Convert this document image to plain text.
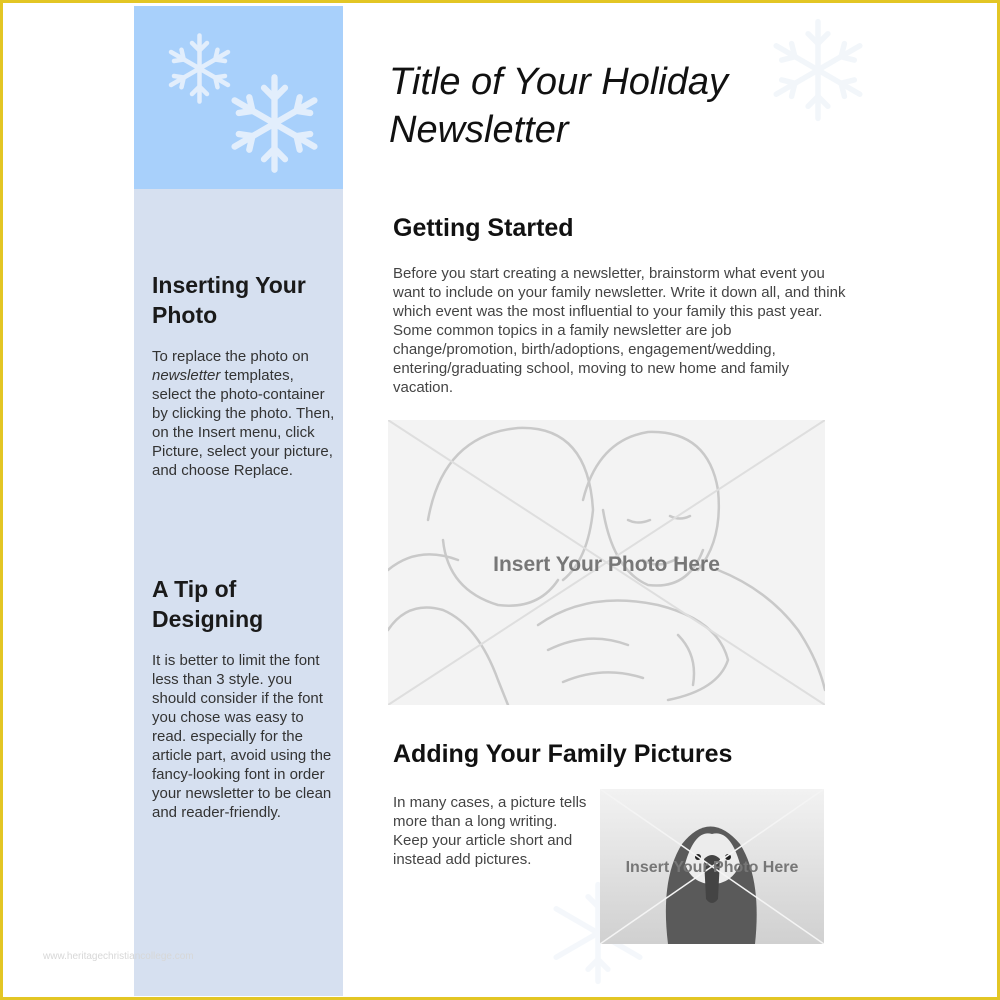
Inserting Your Photo

To replace the photo on newsletter templates, select the photo-container by clicking the photo. Then, on the Insert menu, click Picture, select your picture, and choose Replace.

A Tip of Designing

It is better to limit the font less than 3 style. you should consider if the font you chose was easy to read. especially for the article part, avoid using the fancy-looking font in order your newsletter to be clean and reader-friendly.

Title of Your Holiday Newsletter
Getting Started

Before you start creating a newsletter, brainstorm what event you want to include on your family newsletter. Write it down all, and think which event was the most influential to your family this past year. Some common topics in a family newsletter are job change/promotion, birth/adoptions, engagement/wedding, entering/graduating school, moving to new home and family vacation.

Insert Your Photo Here
Adding Your Family Pictures

In many cases, a picture tells more than a long writing. Keep your article short and instead add pictures.	Insert Your Photo Here
www.heritagechristiancollege.com
